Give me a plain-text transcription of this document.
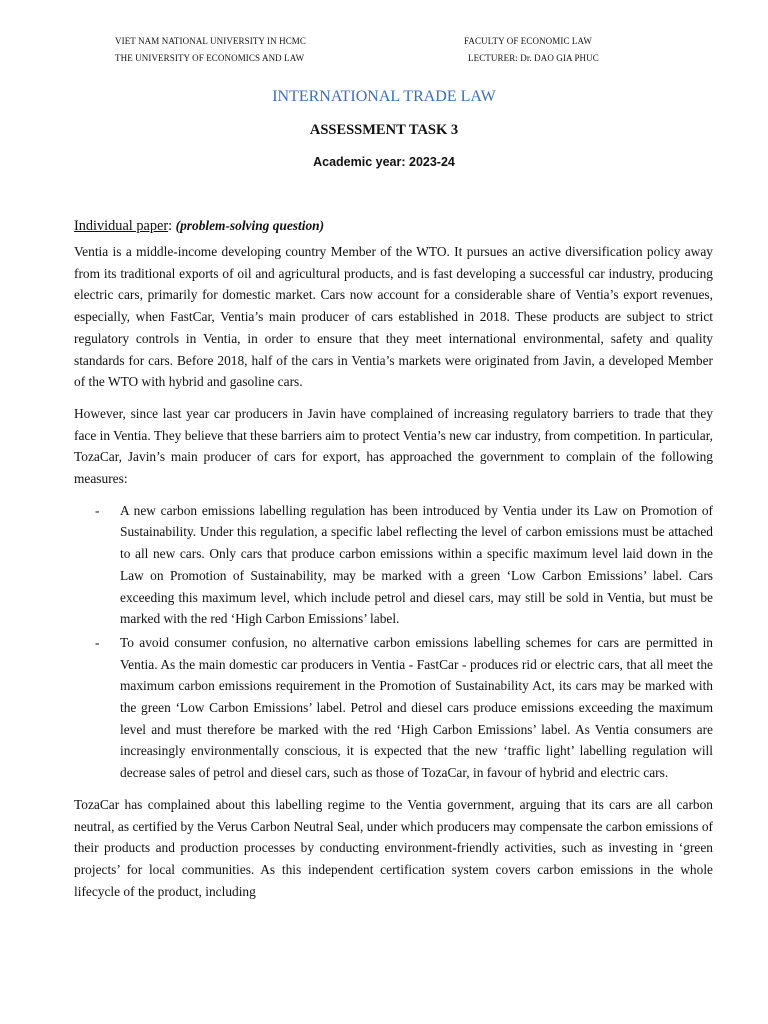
VIET NAM NATIONAL UNIVERSITY IN HCMC
THE UNIVERSITY OF ECONOMICS AND LAW
FACULTY OF ECONOMIC LAW
LECTURER: Dr. DAO GIA PHUC
INTERNATIONAL TRADE LAW
ASSESSMENT TASK 3
Academic year: 2023-24
Individual paper: (problem-solving question)

Ventia is a middle-income developing country Member of the WTO. It pursues an active diversification policy away from its traditional exports of oil and agricultural products, and is fast developing a successful car industry, producing electric cars, primarily for domestic market. Cars now account for a considerable share of Ventia’s export revenues, especially, when FastCar, Ventia’s main producer of cars established in 2018. These products are subject to strict regulatory controls in Ventia, in order to ensure that they meet international environmental, safety and quality standards for cars. Before 2018, half of the cars in Ventia’s markets were originated from Javin, a developed Member of the WTO with hybrid and gasoline cars.

However, since last year car producers in Javin have complained of increasing regulatory barriers to trade that they face in Ventia. They believe that these barriers aim to protect Ventia’s new car industry, from competition. In particular, TozaCar, Javin’s main producer of cars for export, has approached the government to complain of the following measures:

- A new carbon emissions labelling regulation has been introduced by Ventia under its Law on Promotion of Sustainability. Under this regulation, a specific label reflecting the level of carbon emissions must be attached to all new cars. Only cars that produce carbon emissions within a specific maximum level laid down in the Law on Promotion of Sustainability, may be marked with a green ‘Low Carbon Emissions’ label. Cars exceeding this maximum level, which include petrol and diesel cars, may still be sold in Ventia, but must be marked with the red ‘High Carbon Emissions’ label.
- To avoid consumer confusion, no alternative carbon emissions labelling schemes for cars are permitted in Ventia. As the main domestic car producers in Ventia - FastCar - produces rid or electric cars, that all meet the maximum carbon emissions requirement in the Promotion of Sustainability Act, its cars may be marked with the green ‘Low Carbon Emissions’ label. Petrol and diesel cars produce emissions exceeding the maximum level and must therefore be marked with the red ‘High Carbon Emissions’ label. As Ventia consumers are increasingly environmentally conscious, it is expected that the new ‘traffic light’ labelling regulation will decrease sales of petrol and diesel cars, such as those of TozaCar, in favour of hybrid and electric cars.

TozaCar has complained about this labelling regime to the Ventia government, arguing that its cars are all carbon neutral, as certified by the Verus Carbon Neutral Seal, under which producers may compensate the carbon emissions of their products and production processes by conducting environment-friendly activities, such as investing in ‘green projects’ for local communities. As this independent certification system covers carbon emissions in the whole lifecycle of the product, including
